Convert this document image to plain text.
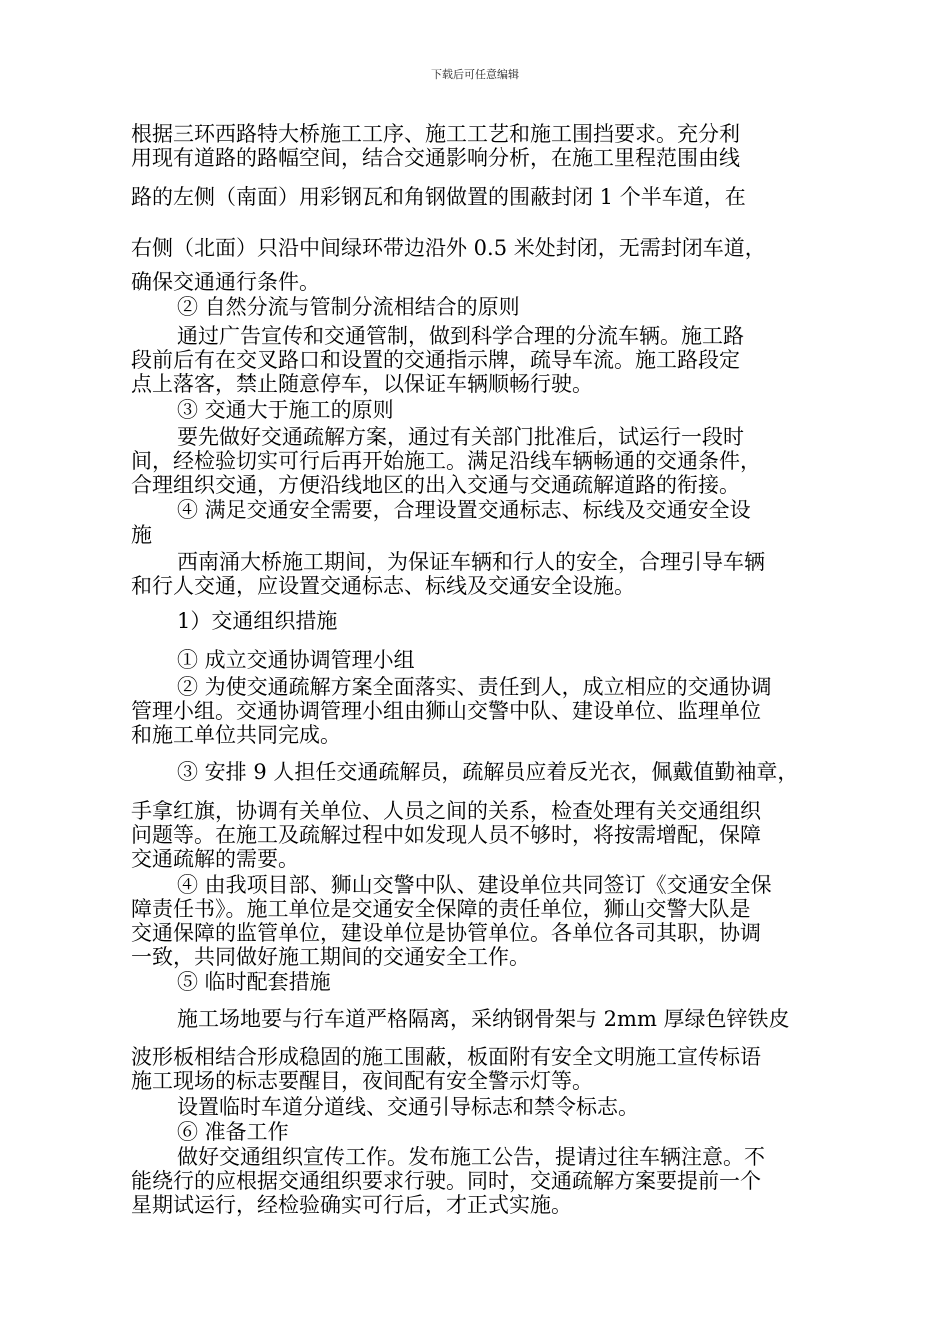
下载后可任意编辑
根据三环西路特大桥施工工序、施工工艺和施工围挡要求。充分利
用现有道路的路幅空间，结合交通影响分析，在施工里程范围由线
路的左侧（南面）用彩钢瓦和角钢做置的围蔽封闭 1 个半车道，在
右侧（北面）只沿中间绿环带边沿外 0.5 米处封闭，无需封闭车道，
确保交通通行条件。
② 自然分流与管制分流相结合的原则
通过广告宣传和交通管制，做到科学合理的分流车辆。施工路
段前后有在交叉路口和设置的交通指示牌，疏导车流。施工路段定
点上落客，禁止随意停车，以保证车辆顺畅行驶。
③ 交通大于施工的原则
要先做好交通疏解方案，通过有关部门批准后，试运行一段时
间，经检验切实可行后再开始施工。满足沿线车辆畅通的交通条件，
合理组织交通，方便沿线地区的出入交通与交通疏解道路的衔接。
④ 满足交通安全需要，合理设置交通标志、标线及交通安全设
施
西南涌大桥施工期间，为保证车辆和行人的安全，合理引导车辆
和行人交通，应设置交通标志、标线及交通安全设施。
1）交通组织措施
① 成立交通协调管理小组
② 为使交通疏解方案全面落实、责任到人，成立相应的交通协调
管理小组。交通协调管理小组由狮山交警中队、建设单位、监理单位
和施工单位共同完成。
③ 安排 9 人担任交通疏解员，疏解员应着反光衣，佩戴值勤袖章，
手拿红旗，协调有关单位、人员之间的关系，检查处理有关交通组织
问题等。在施工及疏解过程中如发现人员不够时，将按需增配，保障
交通疏解的需要。
④ 由我项目部、狮山交警中队、建设单位共同签订《交通安全保
障责任书》。施工单位是交通安全保障的责任单位，狮山交警大队是
交通保障的监管单位，建设单位是协管单位。各单位各司其职，协调
一致，共同做好施工期间的交通安全工作。
⑤ 临时配套措施
施工场地要与行车道严格隔离，采纳钢骨架与 2mm 厚绿色锌铁皮
波形板相结合形成稳固的施工围蔽，板面附有安全文明施工宣传标语
施工现场的标志要醒目，夜间配有安全警示灯等。
设置临时车道分道线、交通引导标志和禁令标志。
⑥ 准备工作
做好交通组织宣传工作。发布施工公告，提请过往车辆注意。不
能绕行的应根据交通组织要求行驶。同时，交通疏解方案要提前一个
星期试运行，经检验确实可行后，才正式实施。
